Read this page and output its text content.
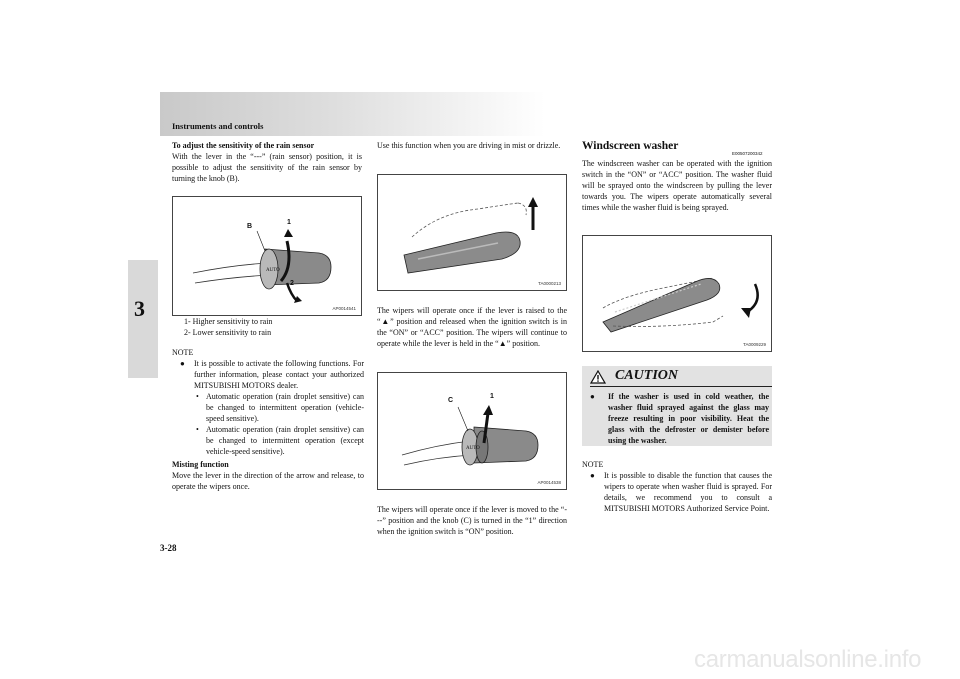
Instruments and controls
3

To adjust the sensitivity of the rain sensor

With the lever in the “---” (rain sensor) position, it is possible to adjust the sensitivity of the rain sensor by turning the knob (B).

AUTO
B
1
2
AP0014541

1- Higher sensitivity to rain

2- Lower sensitivity to rain

NOTE

● It is possible to activate the following functions. For further information, please contact your authorized MITSUBISHI MOTORS dealer.
• Automatic operation (rain droplet sensitive) can be changed to intermittent operation (vehicle-speed sensitive).
• Automatic operation (rain droplet sensitive) can be changed to intermittent operation (except vehicle-speed sensitive).

Misting function

Move the lever in the direction of the arrow and release, to operate the wipers once.

Use this function when you are driving in mist or drizzle.
TA0000213
The wipers will operate once if the lever is raised to the “▲” position and released when the ignition switch is in the “ON” or “ACC” position. The wipers will continue to operate while the lever is held in the “▲” position.
AUTO
C
1
AP0014538
The wipers will operate once if the lever is moved to the “---” position and the knob (C) is turned in the “1” direction when the ignition switch is “ON” position.
Windscreen washer
E00507200342
The windscreen washer can be operated with the ignition switch in the “ON” or “ACC” position. The washer fluid will be sprayed onto the windscreen by pulling the lever towards you. The wipers operate automatically several times while the washer fluid is being sprayed.
TA0009229
CAUTION
● If the washer is used in cold weather, the washer fluid sprayed against the glass may freeze resulting in poor visibility. Heat the glass with the defroster or demister before using the washer.

NOTE

● It is possible to disable the function that causes the wipers to operate when washer fluid is sprayed. For details, we recommend you to consult a MITSUBISHI MOTORS Authorized Service Point.
3-28
carmanualsonline.info
